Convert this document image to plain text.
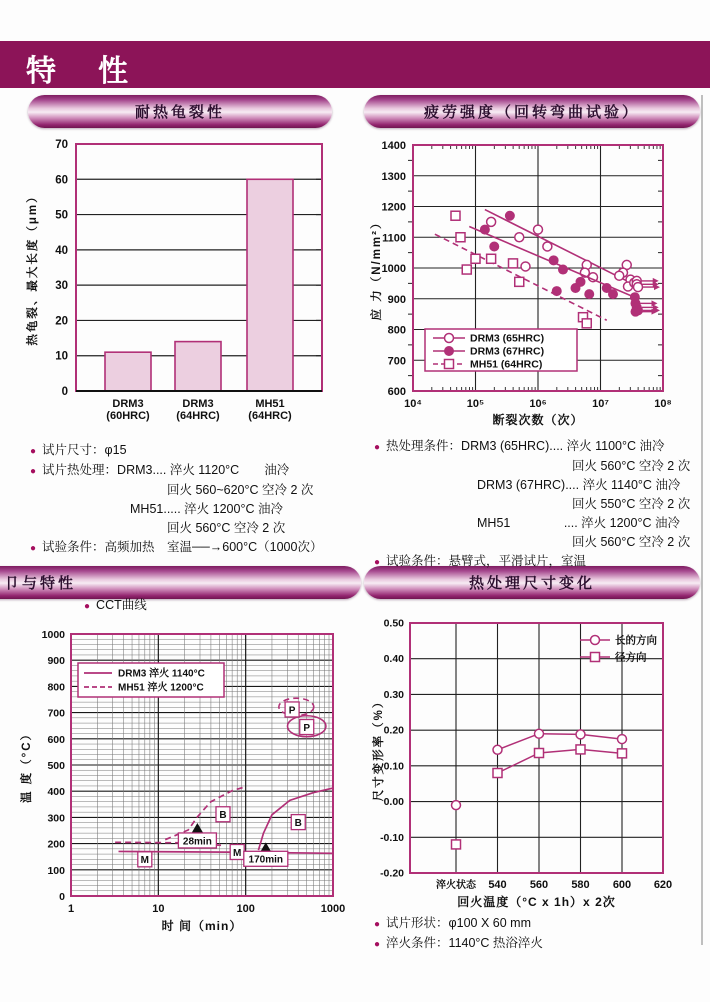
特　性
耐热龟裂性	疲劳强度（回转弯曲试验）
卩与特性	热处理尺寸变化
0
10
20
30
40
50
60
70
DRM3
(60HRC)
DRM3
(64HRC)
MH51
(64HRC)
热龟裂、最大长度（μm）
600
700
800
900
1000
1100
1200
1300
1400
10⁴	10⁵	10⁶	10⁷	10⁸
DRM3 (65HRC)
DRM3 (67HRC)
MH51 (64HRC)
断裂次数（次）
应 力（N/mm²）
● CCT曲线
0
100
200
300
400
500
600
700
800
900
1000
1	10	100	1000
P
P
B
B
M
M
28min
170min
DRM3 淬火 1140°C
MH51 淬火 1200°C
时 间（min）
温 度（°C）
0.50
0.40
0.30
0.20
0.10
0.00
-0.10
-0.20
淬火状态 540 560 580 600 620
长的方向
径方向
回火温度（°C x 1h）x 2次
尺寸变形率（%）
● 试片尺寸：φ15
● 试片热处理：DRM3.... 淬火 1120°C　　油冷
回火 560~620°C 空冷 2 次
MH51..... 淬火 1200°C 油冷
回火 560°C 空冷 2 次
● 试验条件：高频加热　室温──→600°C（1000次）
● 热处理条件：DRM3 (65HRC).... 淬火 1100°C 油冷
回火 560°C 空冷 2 次
DRM3 (67HRC).... 淬火 1140°C 油冷
回火 550°C 空冷 2 次
MH51　　　　 .... 淬火 1200°C 油冷
回火 560°C 空冷 2 次
● 试验条件：悬臂式，平滑试片，室温
● 试片形状：φ100 X 60 mm
● 淬火条件：1140°C 热浴淬火
